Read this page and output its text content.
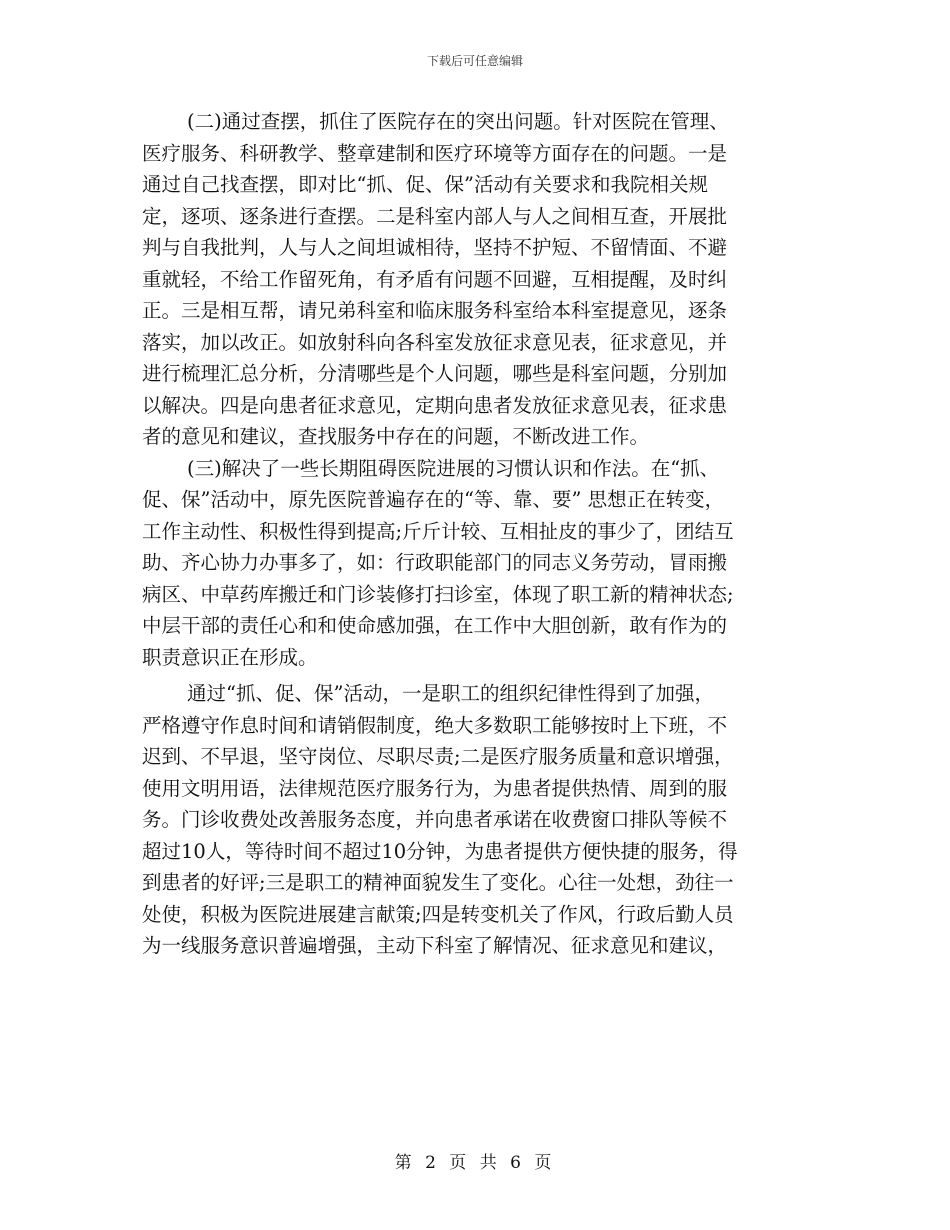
下载后可任意编辑
(二)通过查摆，抓住了医院存在的突出问题。针对医院在管理、
医疗服务、科研教学、整章建制和医疗环境等方面存在的问题。一是
通过自己找查摆，即对比“抓、促、保”活动有关要求和我院相关规
定，逐项、逐条进行查摆。二是科室内部人与人之间相互查，开展批
判与自我批判，人与人之间坦诚相待，坚持不护短、不留情面、不避
重就轻，不给工作留死角，有矛盾有问题不回避，互相提醒，及时纠
正。三是相互帮，请兄弟科室和临床服务科室给本科室提意见，逐条
落实，加以改正。如放射科向各科室发放征求意见表，征求意见，并
进行梳理汇总分析，分清哪些是个人问题，哪些是科室问题，分别加
以解决。四是向患者征求意见，定期向患者发放征求意见表，征求患
者的意见和建议，查找服务中存在的问题，不断改进工作。
(三)解决了一些长期阻碍医院进展的习惯认识和作法。在“抓、
促、保”活动中，原先医院普遍存在的“等、靠、要” 思想正在转变，
工作主动性、积极性得到提高;斤斤计较、互相扯皮的事少了，团结互
助、齐心协力办事多了，如：行政职能部门的同志义务劳动，冒雨搬
病区、中草药库搬迁和门诊装修打扫诊室，体现了职工新的精神状态;
中层干部的责任心和和使命感加强，在工作中大胆创新，敢有作为的
职责意识正在形成。
通过“抓、促、保”活动，一是职工的组织纪律性得到了加强，
严格遵守作息时间和请销假制度，绝大多数职工能够按时上下班，不
迟到、不早退，坚守岗位、尽职尽责;二是医疗服务质量和意识增强，
使用文明用语，法律规范医疗服务行为，为患者提供热情、周到的服
务。门诊收费处改善服务态度，并向患者承诺在收费窗口排队等候不
超过10人，等待时间不超过10分钟，为患者提供方便快捷的服务，得
到患者的好评;三是职工的精神面貌发生了变化。心往一处想，劲往一
处使，积极为医院进展建言献策;四是转变机关了作风，行政后勤人员
为一线服务意识普遍增强，主动下科室了解情况、征求意见和建议，
第 2 页 共 6 页
